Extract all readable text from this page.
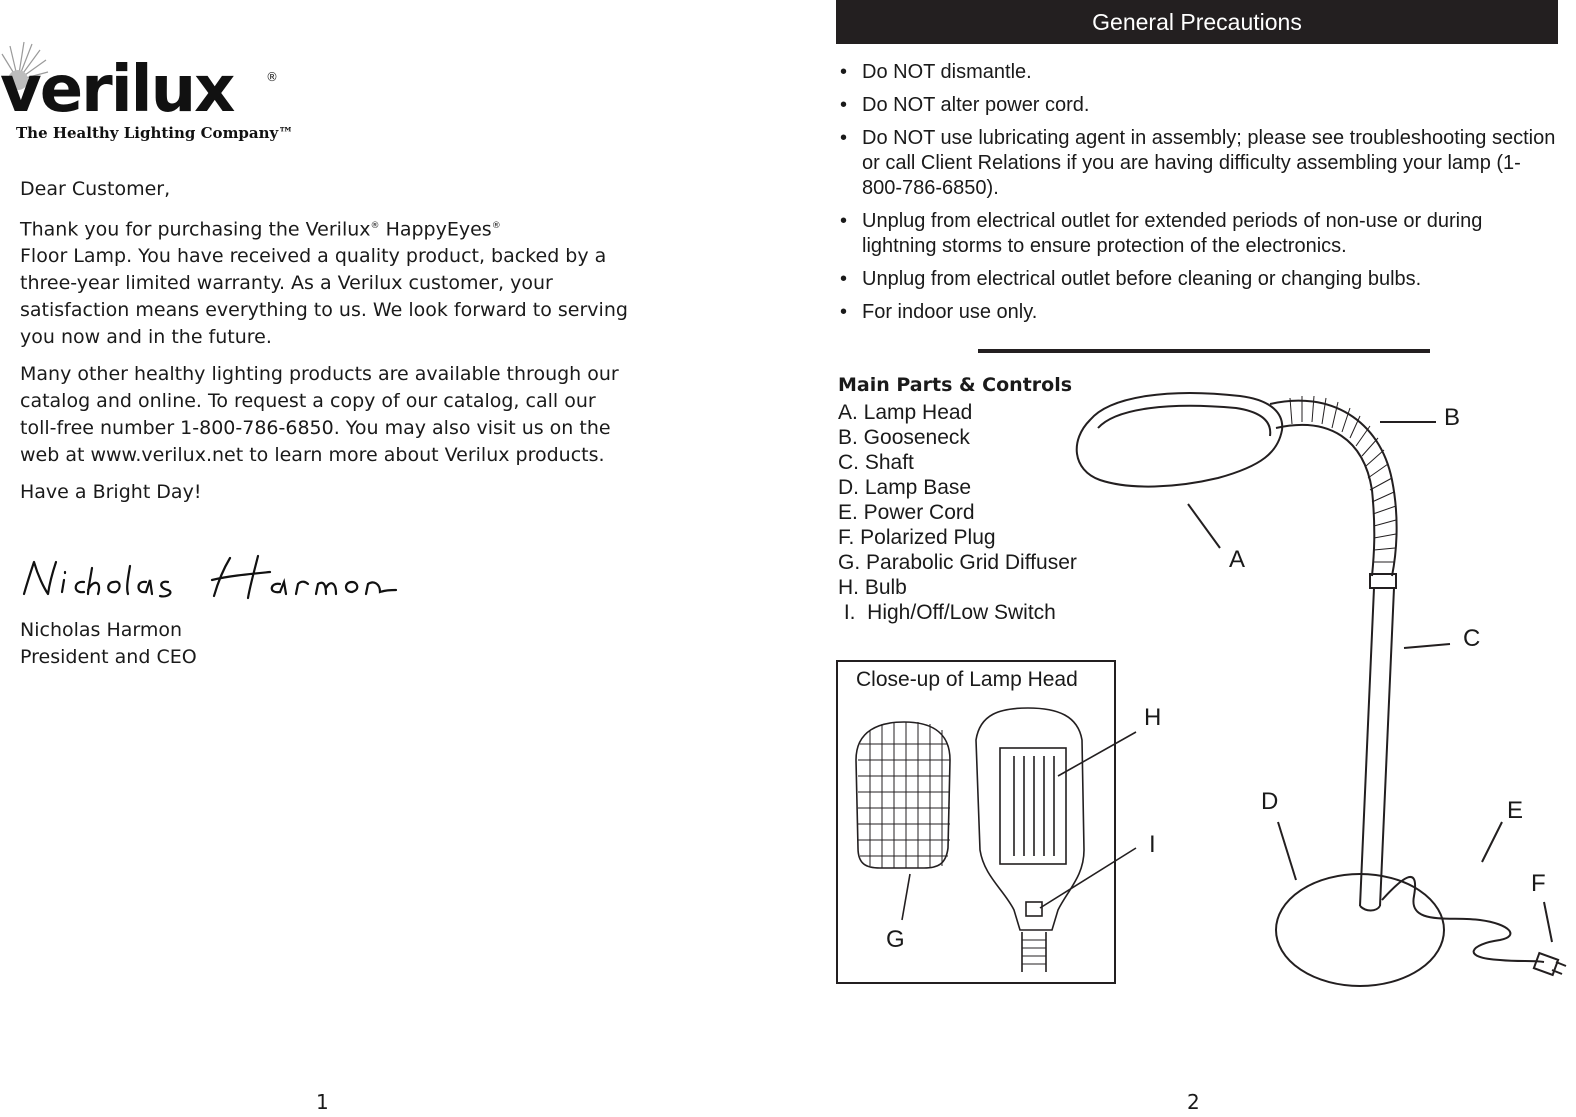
verilux	®
The Healthy Lighting Company™

Dear Customer,

Thank you for purchasing the Verilux® HappyEyes®
Floor Lamp. You have received a quality product, backed by a three-year limited warranty. As a Verilux customer, your satisfaction means everything to us. We look forward to serving you now and in the future.

Many other healthy lighting products are available through our catalog and online. To request a copy of our catalog, call our toll-free number 1-800-786-6850. You may also visit us on the web at www.verilux.net to learn more about Verilux products.

Have a Bright Day!

Nicholas Harmon
President and CEO
1
General Precautions
• Do NOT dismantle.
• Do NOT alter power cord.
• Do NOT use lubricating agent in assembly; please see troubleshooting section or call Client Relations if you are having difficulty assembling your lamp (1-800-786-6850).
• Unplug from electrical outlet for extended periods of non-use or during lightning storms to ensure protection of the electronics.
• Unplug from electrical outlet before cleaning or changing bulbs.
• For indoor use only.
Main Parts & Controls
A. Lamp Head
B. Gooseneck
C. Shaft
D. Lamp Base
E. Power Cord
F. Polarized Plug
G. Parabolic Grid Diffuser
H. Bulb
I.  High/Off/Low Switch
Close-up of Lamp Head
B
A
C
H
D	E
I
F
G
2
